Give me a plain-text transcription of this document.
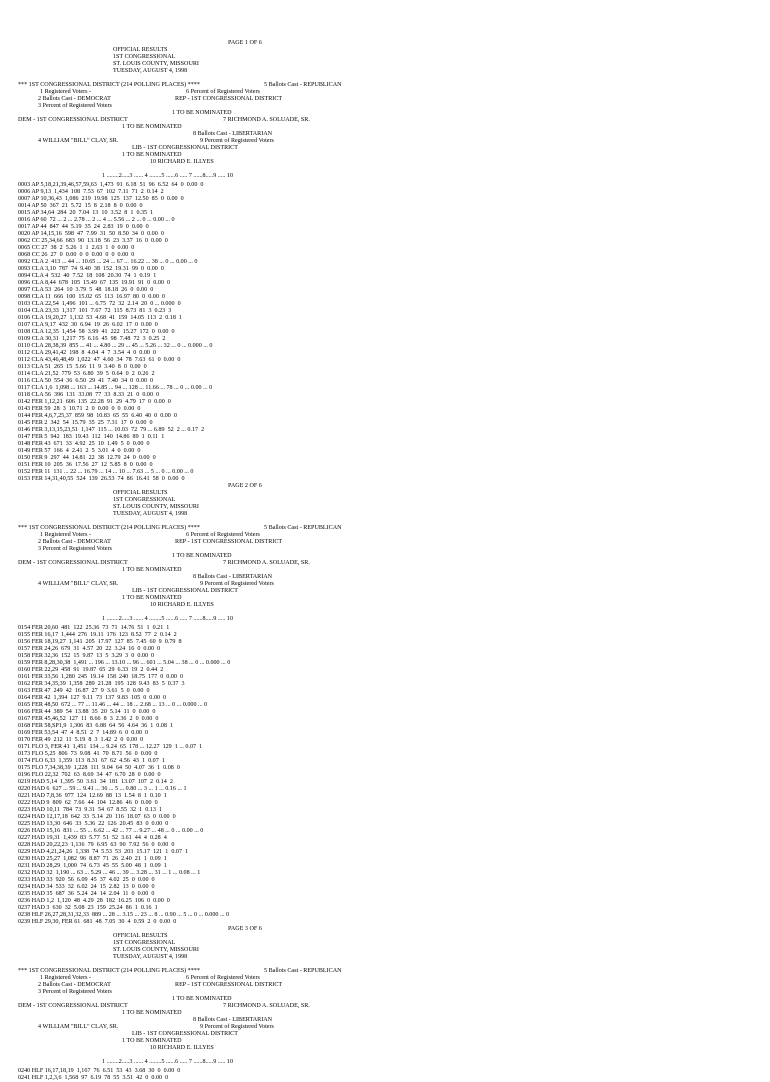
PAGE 1 OF 6
OFFICIAL RESULTS
1ST CONGRESSIONAL
ST. LOUIS COUNTY, MISSOURI
TUESDAY, AUGUST 4, 1998
*** 1ST CONGRESSIONAL DISTRICT (214 POLLING PLACES) ****	5 Ballots Cast - REPUBLICAN
1 Registered Voters -	6 Percent of Registered Voters
2 Ballots Cast - DEMOCRAT	REP - 1ST CONGRESSIONAL DISTRICT
3 Percent of Registered Voters
1 TO BE NOMINATED
DEM - 1ST CONGRESSIONAL DISTRICT	7 RICHMOND A. SOLUADE, SR.
1 TO BE NOMINATED
8 Ballots Cast - LIBERTARIAN
4 WILLIAM "BILL" CLAY, SR.	9 Percent of Registered Voters
LIB - 1ST CONGRESSIONAL DISTRICT
1 TO BE NOMINATED
10 RICHARD E. ILLYES
1 ........2.....3 ...... 4 ........5 ......6 ..... 7 ......8.....9 ..... 10
0003 AP 5,18,21,39,46,57,59,63  1,473  91  6.18  51  96  6.52  64  0  0.00  0
0006 AP 9,13  1,434  108  7.53  67  102  7.11  71  2  0.14  2
0007 AP 10,36,43  1,086  219  19.98  125  137  12.50  85  0  0.00  0
0014 AP 50  367  21  5.72  15  8  2.18  8  0  0.00  0
0015 AP 34,64  284  20  7.04  13  10  3.52  8  1  0.35  1
0016 AP 60  72 ... 2 ... 2.78 ... 2 ... 4 ... 5.56 ... 2 ... 0 ... 0.00 ... 0
0017 AP 44  847  44  5.19  35  24  2.83  19  0  0.00  0
0020 AP 14,15,16  598  47  7.99  31  50  8.50  34  0  0.00  0
0062 CC 25,34,66  683  90  13.18  56  23  3.37  16  0  0.00  0
0065 CC 27  38  2  5.26  1  1  2.63  1  0  0.00  0
0068 CC 26  27  0  0.00  0  0  0.00  0  0  0.00  0
0092 CLA 2  413 ... 44 ... 10.65 ... 24 ... 67 ... 16.22 ... 38 ... 0 ... 0.00 ... 0
0093 CLA 3,10  787  74  9.40  38  152  19.31  99  0  0.00  0
0094 CLA 4  532  40  7.52  18  108  20.30  74  1  0.19  1
0096 CLA 8,44  678  105  15.49  67  135  19.91  91  0  0.00  0
0097 CLA 53  264  10  3.79  5  48  18.18  26  0  0.00  0
0098 CLA 11  666  100  15.02  65  113  16.97  80  0  0.00  0
0103 CLA 22,54  1,496  101 ... 6.75  72  32  2.14  20  0 ... 0.000  0
0104 CLA 23,33  1,317  101  7.67  72  115  8.73  81  3  0.23  3
0106 CLA 19,20,27  1,132  53  4.68  41  159  14.05  113  2  0.18  1
0107 CLA 9,17  432  30  6.94  19  26  6.02  17  0  0.00  0
0108 CLA 12,35  1,454  58  3.99  41  222  15.27  172  0  0.00  0
0109 CLA 30,31  1,217  75  6.16  45  98  7.48  72  3  0.25  2
0110 CLA 28,38,39  855 ... 41 ... 4.80 ... 29 ... 45 ... 5.26 ... 32 ... 0 ... 0.000 ... 0
0112 CLA 29,41,42  198  8  4.04  4  7  3.54  4  0  0.00  0
0112 CLA 43,46,48,49  1,022  47  4.60  34  78  7.63  61  0  0.00  0
0113 CLA 51  265  15  5.66  11  9  3.40  8  0  0.00  0
0114 CLA 21,52  779  53  6.80  39  5  0.64  0  2  0.26  2
0116 CLA 50  554  36  6.50  29  41  7.40  34  0  0.00  0
0117 CLA 1,6  1,098 ... 163 ... 14.85 ... 94 ... 128 ... 11.66 ... 78 ... 0 ... 0.00 ... 0
0118 CLA 56  396  131  33.08  77  33  8.33  21  0  0.00  0
0142 FER 1,12,21  606  135  22.28  91  29  4.79  17  0  0.00  0
0143 FER 59  28  3  10.71  2  0  0.00  0  0  0.00  0
0144 FER 4,6,7,25,37  859  98  10.83  65  55  6.40  40  0  0.00  0
0145 FER 2  342  54  15.79  35  25  7.31  17  0  0.00  0
0146 FER 3,13,15,23,51  1,147  115 ... 10.03  72  79 ... 6.89  52  2 ... 0.17  2
0147 FER 5  942  183  19.43  112  140  14.86  89  1  0.11  1
0148 FER 43  671  33  4.92  25  10  1.49  5  0  0.00  0
0149 FER 57  166  4  2.41  2  5  3.01  4  0  0.00  0
0150 FER 9  297  44  14.81  22  38  12.79  24  0  0.00  0
0151 FER 10  205  36  17.56  27  12  5.85  8  0  0.00  0
0152 FER 11  131 ... 22 ... 16.79 ... 14 ... 10 ... 7.63 ... 5 ... 0 ... 0.00 ... 0
0153 FER 14,31,40,55  524  139  26.53  74  86  16.41  58  0  0.00  0
PAGE 2 OF 6
OFFICIAL RESULTS
1ST CONGRESSIONAL
ST. LOUIS COUNTY, MISSOURI
TUESDAY, AUGUST 4, 1998
*** 1ST CONGRESSIONAL DISTRICT (214 POLLING PLACES) ****	5 Ballots Cast - REPUBLICAN
1 Registered Voters -	6 Percent of Registered Voters
2 Ballots Cast - DEMOCRAT	REP - 1ST CONGRESSIONAL DISTRICT
3 Percent of Registered Voters
1 TO BE NOMINATED
DEM - 1ST CONGRESSIONAL DISTRICT	7 RICHMOND A. SOLUADE, SR.
1 TO BE NOMINATED
8 Ballots Cast - LIBERTARIAN
4 WILLIAM "BILL" CLAY, SR.	9 Percent of Registered Voters
LIB - 1ST CONGRESSIONAL DISTRICT
1 TO BE NOMINATED
10 RICHARD E. ILLYES
1 ........2.....3 ...... 4 ........5 ......6 ..... 7 ......8.....9 ..... 10
0154 FER 20,60  481  122  25.36  73  71  14.76  51  1  0.21  1
0155 FER 16,17  1,444  276  19.11  176  123  8.52  77  2  0.14  2
0156 FER 18,19,27  1,141  205  17.97  127  85  7.45  60  9  0.79  8
0157 FER 24,26  679  31  4.57  20  22  3.24  16  0  0.00  0
0158 FER 32,36  152  15  9.87  13  5  3.29  3  0  0.00  0
0159 FER 8,28,30,38  1,491 ... 196 ... 13.10 ... 96 ... 601 ... 5.04 ... 38 ... 0 ... 0.000 ... 0
0160 FER 22,29  458  91  19.87  65  29  6.33  19  2  0.44  2
0161 FER 33,56  1,280  245  19.14  158  240  18.75  177  0  0.00  0
0162 FER 34,35,39  1,358  289  21.28  195  128  9.43  83  5  0.37  3
0163 FER 47  249  42  16.87  27  9  3.61  5  0  0.00  0
0164 FER 42  1,394  127  9.11  73  137  9.83  105  0  0.00  0
0165 FER 48,50  672 ... 77 ... 11.46 ... 44 ... 18 ... 2.68 ... 13 ... 0 ... 0.000 ... 0
0166 FER 44  389  54  13.88  35  20  5.14  11  0  0.00  0
0167 FER 45,46,52  127  11  8.66  8  3  2.36  2  0  0.00  0
0168 FER 58,SP1,9  1,306  83  6.88  64  56  4.64  36  1  0.08  1
0169 FER 53,54  47  4  8.51  2  7  14.89  6  0  0.00  0
0170 FER 49  212  11  5.19  8  3  1.42  2  0  0.00  0
0171 FLO 3, FER 41  1,451  134 ... 9.24  65  178 ... 12.27  129  1 ... 0.07  1
0173 FLO 5,25  806  73  9.08  41  70  8.71  56  0  0.00  0
0174 FLO 6,33  1,359  113  8.31  67  62  4.56  43  1  0.07  1
0175 FLO 7,34,38,39  1,228  111  9.04  64  50  4.07  36  1  0.08  0
0196 FLO 22,32  702  63  8.69  34  47  6.70  28  0  0.00  0
0219 HAD 5,14  1,395  50  3.61  34  181  13.07  107  2  0.14  2
0220 HAD 6  627 ... 59 ... 9.41 ... 36 ... 5 ... 0.80 ... 3 ... 1 ... 0.16 ... 1
0221 HAD 7,8,36  977  124  12.69  88  13  1.54  8  1  0.10  1
0222 HAD 9  809  62  7.66  44  104  12.86  46  0  0.00  0
0223 HAD 10,11  784  73  9.31  54  67  8.55  32  1  0.13  1
0224 HAD 12,17,18  642  33  5.14  20  116  18.07  63  0  0.00  0
0225 HAD 13,30  646  33  5.36  22  126  20.45  83  0  0.00  0
0226 HAD 15,16  831 ... 55 ... 6.62 ... 42 ... 77 ... 9.27 ... 48 ... 0 ... 0.00 ... 0
0227 HAD 19,31  1,439  83  5.77  51  52  3.61  44  4  0.28  4
0228 HAD 20,22,23  1,136  79  6.95  63  90  7.92  56  0  0.00  0
0229 HAD 4,21,24,26  1,338  74  5.53  53  203  15.17  121  1  0.07  1
0230 HAD 25,27  1,082  96  8.87  71  26  2.40  21  1  0.09  1
0231 HAD 28,29  1,000  74  6.73  45  55  5.00  48  1  0.09  1
0232 HAD 32  1,190 ... 63 ... 5.29 ... 46 ... 39 ... 3.28 ... 31 ... 1 ... 0.08 ... 1
0233 HAD 33  920  56  6.09  45  37  4.02  25  0  0.00  0
0234 HAD 34  533  32  6.02  24  15  2.82  13  0  0.00  0
0235 HAD 35  687  36  5.24  24  14  2.04  11  0  0.00  0
0236 HAD 1,2  1,120  48  4.29  28  182  16.25  106  0  0.00  0
0237 HAD 3  630  32  5.08  23  159  25.24  86  1  0.16  1
0238 HLF 26,27,28,31,32,33  889 ... 28 ... 3.15 ... 23 ... 8 ... 0.90 ... 5 ... 0 ... 0.000 ... 0
0239 HLF 29,30, FER 61  681  48  7.05  30  4  0.59  2  0  0.00  0
PAGE 3 OF 6
OFFICIAL RESULTS
1ST CONGRESSIONAL
ST. LOUIS COUNTY, MISSOURI
TUESDAY, AUGUST 4, 1998
*** 1ST CONGRESSIONAL DISTRICT (214 POLLING PLACES) ****	5 Ballots Cast - REPUBLICAN
1 Registered Voters -	6 Percent of Registered Voters
2 Ballots Cast - DEMOCRAT	REP - 1ST CONGRESSIONAL DISTRICT
3 Percent of Registered Voters
1 TO BE NOMINATED
DEM - 1ST CONGRESSIONAL DISTRICT	7 RICHMOND A. SOLUADE, SR.
1 TO BE NOMINATED
8 Ballots Cast - LIBERTARIAN
4 WILLIAM "BILL" CLAY, SR.	9 Percent of Registered Voters
LIB - 1ST CONGRESSIONAL DISTRICT
1 TO BE NOMINATED
10 RICHARD E. ILLYES
1 ........2.....3 ...... 4 ........5 ......6 ..... 7 ......8.....9 ..... 10
0240 HLF 16,17,18,19  1,167  76  6.51  53  43  3.68  30  0  0.00  0
0241 HLF 1,2,3,6  1,568  97  6.19  78  55  3.51  42  0  0.00  0
